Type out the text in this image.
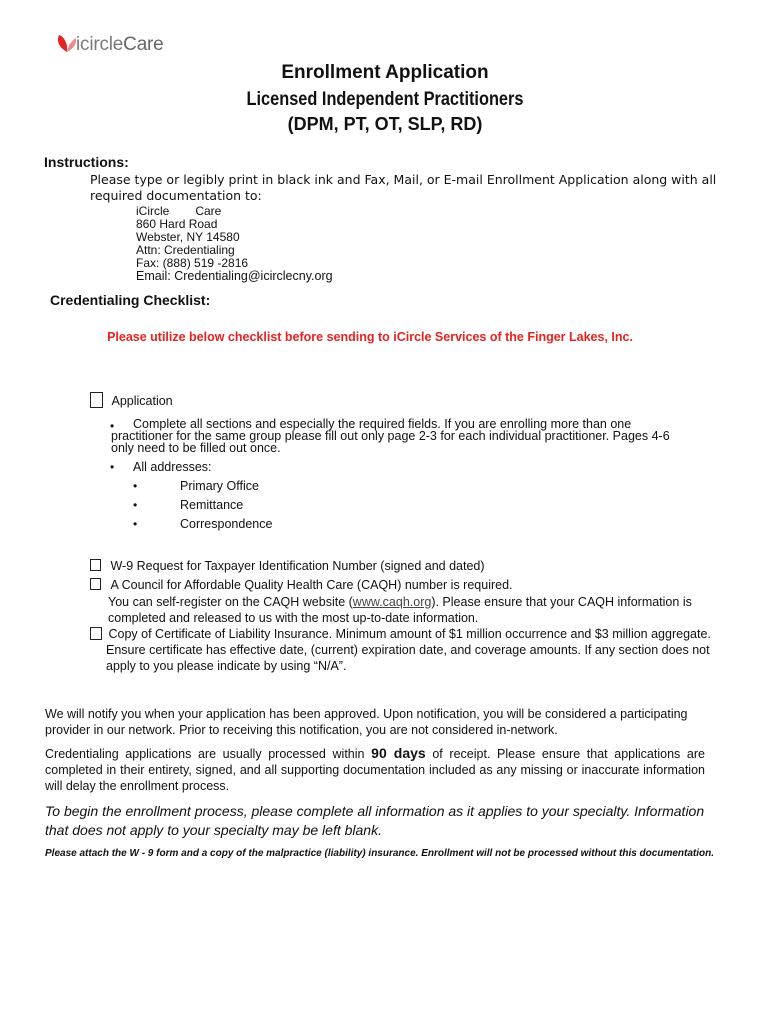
icircleCare
Enrollment Application
Licensed Independent Practitioners
(DPM, PT, OT, SLP, RD)
Instructions:
Please type or legibly print in black ink and Fax, Mail, or E-mail Enrollment Application along with all required documentation to:
iCircle Care
860 Hard Road
Webster, NY 14580
Attn: Credentialing
Fax: (888) 519 -2816
Email: Credentialing@icirclecny.org
Credentialing Checklist:
Please utilize below checklist before sending to iCircle Services of the Finger Lakes, Inc.
Application
• Complete all sections and especially the required fields. If you are enrolling more than one
practitioner for the same group please fill out only page 2-3 for each individual practitioner. Pages 4-6
only need to be filled out once.
• All addresses:
•	Primary Office
•	Remittance
•	Correspondence
W-9 Request for Taxpayer Identification Number (signed and dated)
A Council for Affordable Quality Health Care (CAQH) number is required.
You can self-register on the CAQH website (www.caqh.org). Please ensure that your CAQH information is
completed and released to us with the most up-to-date information.
Copy of Certificate of Liability Insurance. Minimum amount of $1 million occurrence and $3 million aggregate.
Ensure certificate has effective date, (current) expiration date, and coverage amounts. If any section does not
apply to you please indicate by using “N/A”.
We will notify you when your application has been approved. Upon notification, you will be considered a participating provider in our network. Prior to receiving this notification, you are not considered in-network.
Credentialing applications are usually processed within 90 days of receipt. Please ensure that applications are completed in their entirety, signed, and all supporting documentation included as any missing or inaccurate information will delay the enrollment process.
To begin the enrollment process, please complete all information as it applies to your specialty. Information that does not apply to your specialty may be left blank.
Please attach the W - 9 form and a copy of the malpractice (liability) insurance. Enrollment will not be processed without this documentation.
